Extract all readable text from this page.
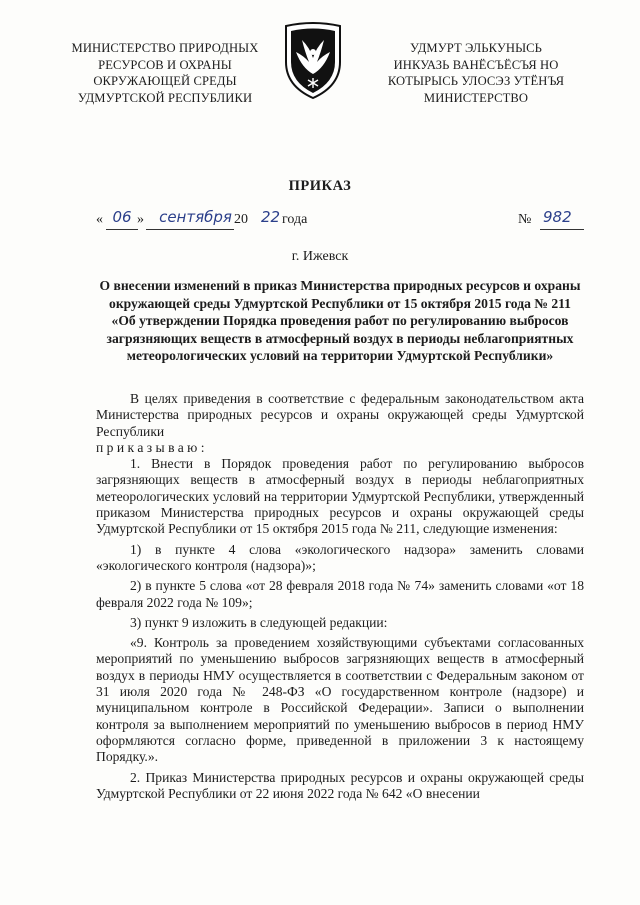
МИНИСТЕРСТВО ПРИРОДНЫХ
РЕСУРСОВ И ОХРАНЫ
ОКРУЖАЮЩЕЙ СРЕДЫ
УДМУРТСКОЙ РЕСПУБЛИКИ
УДМУРТ ЭЛЬКУНЫСЬ
ИНКУАЗЬ ВАНЁСЪЁСЪЯ НО
КОТЫРЫСЬ УЛОСЭЗ УТЁНЪЯ
МИНИСТЕРСТВО
ПРИКАЗ
« 06 »	сентября 20 22 года	№ 982
г. Ижевск
О внесении изменений в приказ Министерства природных ресурсов и охраны окружающей среды Удмуртской Республики от 15 октября 2015 года № 211 «Об утверждении Порядка проведения работ по регулированию выбросов загрязняющих веществ в атмосферный воздух в периоды неблагоприятных метеорологических условий на территории Удмуртской Республики»

В целях приведения в соответствие с федеральным законодательством акта Министерства природных ресурсов и охраны окружающей среды Удмуртской Республики

приказываю:

1. Внести в Порядок проведения работ по регулированию выбросов загрязняющих веществ в атмосферный воздух в периоды неблагоприятных метеорологических условий на территории Удмуртской Республики, утвержденный приказом Министерства природных ресурсов и охраны окружающей среды Удмуртской Республики от 15 октября 2015 года № 211, следующие изменения:

1) в пункте 4 слова «экологического надзора» заменить словами «экологического контроля (надзора)»;

2) в пункте 5 слова «от 28 февраля 2018 года № 74» заменить словами «от 18 февраля 2022 года № 109»;

3) пункт 9 изложить в следующей редакции:

«9. Контроль за проведением хозяйствующими субъектами согласованных мероприятий по уменьшению выбросов загрязняющих веществ в атмосферный воздух в периоды НМУ осуществляется в соответствии с Федеральным законом от 31 июля 2020 года № 248-ФЗ «О государственном контроле (надзоре) и муниципальном контроле в Российской Федерации». Записи о выполнении контроля за выполнением мероприятий по уменьшению выбросов в период НМУ оформляются согласно форме, приведенной в приложении 3 к настоящему Порядку.».

2. Приказ Министерства природных ресурсов и охраны окружающей среды Удмуртской Республики от 22 июня 2022 года № 642 «О внесении
